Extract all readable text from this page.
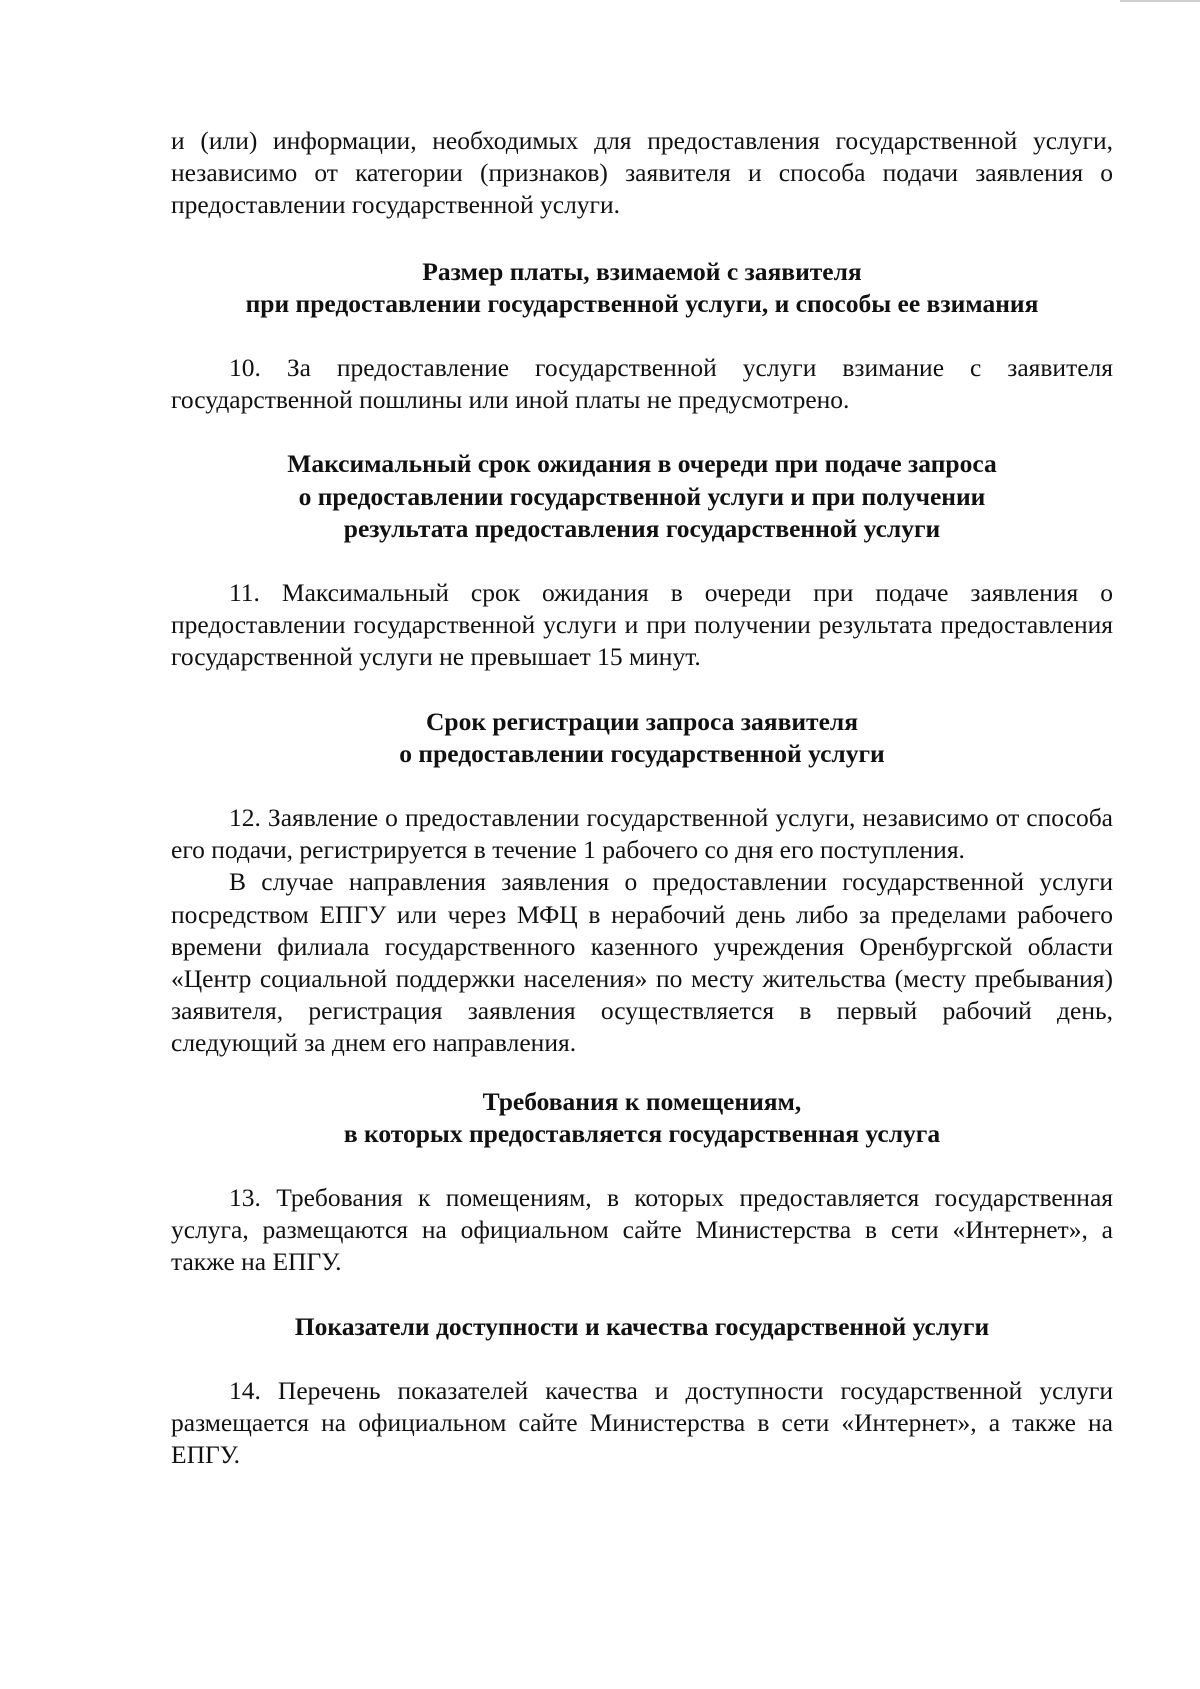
и (или) информации, необходимых для предоставления государственной услуги, независимо от категории (признаков) заявителя и способа подачи заявления о предоставлении государственной услуги.

Размер платы, взимаемой с заявителя
при предоставлении государственной услуги, и способы ее взимания

10. За предоставление государственной услуги взимание с заявителя государственной пошлины или иной платы не предусмотрено.

Максимальный срок ожидания в очереди при подаче запроса
о предоставлении государственной услуги и при получении
результата предоставления государственной услуги

11. Максимальный срок ожидания в очереди при подаче заявления о предоставлении государственной услуги и при получении результата предоставления государственной услуги не превышает 15 минут.

Срок регистрации запроса заявителя
о предоставлении государственной услуги

12. Заявление о предоставлении государственной услуги, независимо от способа его подачи, регистрируется в течение 1 рабочего со дня его поступления.

В случае направления заявления о предоставлении государственной услуги посредством ЕПГУ или через МФЦ в нерабочий день либо за пределами рабочего времени филиала государственного казенного учреждения Оренбургской области «Центр социальной поддержки населения» по месту жительства (месту пребывания) заявителя, регистрация заявления осуществляется в первый рабочий день, следующий за днем его направления.

Требования к помещениям,
в которых предоставляется государственная услуга

13. Требования к помещениям, в которых предоставляется государственная услуга, размещаются на официальном сайте Министерства в сети «Интернет», а также на ЕПГУ.

Показатели доступности и качества государственной услуги

14. Перечень показателей качества и доступности государственной услуги размещается на официальном сайте Министерства в сети «Интернет», а также на ЕПГУ.
